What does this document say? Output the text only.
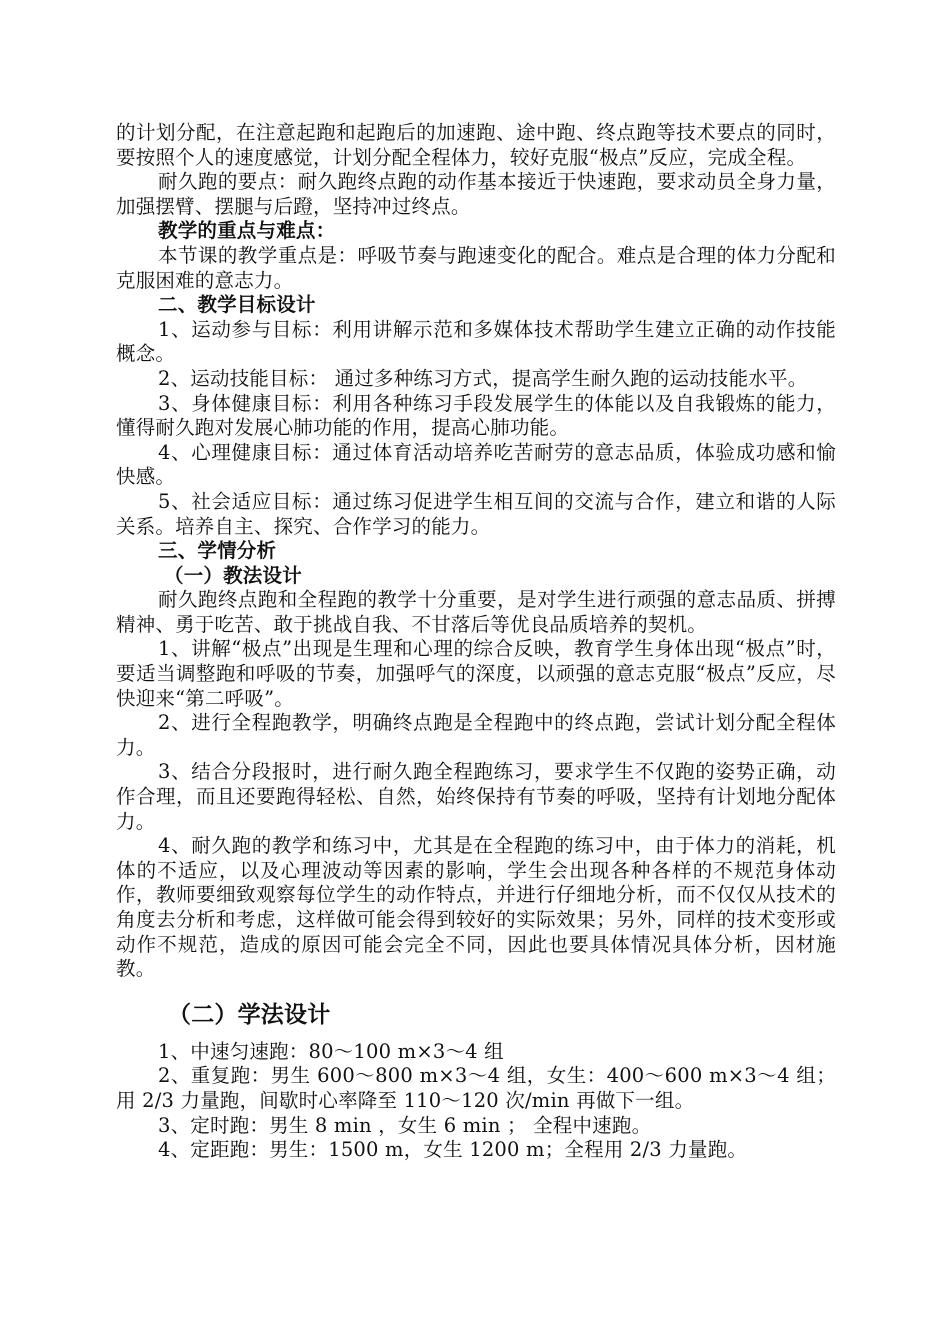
的计划分配，在注意起跑和起跑后的加速跑、途中跑、终点跑等技术要点的同时，要按照个人的速度感觉，计划分配全程体力，较好克服“极点”反应，完成全程。

耐久跑的要点：耐久跑终点跑的动作基本接近于快速跑，要求动员全身力量，加强摆臂、摆腿与后蹬，坚持冲过终点。

教学的重点与难点：

本节课的教学重点是：呼吸节奏与跑速变化的配合。难点是合理的体力分配和克服困难的意志力。

二、教学目标设计

1、运动参与目标：利用讲解示范和多媒体技术帮助学生建立正确的动作技能概念。

2、运动技能目标： 通过多种练习方式，提高学生耐久跑的运动技能水平。

3、身体健康目标：利用各种练习手段发展学生的体能以及自我锻炼的能力，懂得耐久跑对发展心肺功能的作用，提高心肺功能。

4、心理健康目标：通过体育活动培养吃苦耐劳的意志品质，体验成功感和愉快感。

5、社会适应目标：通过练习促进学生相互间的交流与合作，建立和谐的人际关系。培养自主、探究、合作学习的能力。

三、学情分析

（一）教法设计

耐久跑终点跑和全程跑的教学十分重要，是对学生进行顽强的意志品质、拼搏精神、勇于吃苦、敢于挑战自我、不甘落后等优良品质培养的契机。

1、讲解“极点”出现是生理和心理的综合反映，教育学生身体出现“极点”时，要适当调整跑和呼吸的节奏，加强呼气的深度，以顽强的意志克服“极点”反应，尽快迎来“第二呼吸”。

2、进行全程跑教学，明确终点跑是全程跑中的终点跑，尝试计划分配全程体力。

3、结合分段报时，进行耐久跑全程跑练习，要求学生不仅跑的姿势正确，动作合理，而且还要跑得轻松、自然，始终保持有节奏的呼吸，坚持有计划地分配体力。

4、耐久跑的教学和练习中，尤其是在全程跑的练习中，由于体力的消耗，机体的不适应，以及心理波动等因素的影响，学生会出现各种各样的不规范身体动作，教师要细致观察每位学生的动作特点，并进行仔细地分析，而不仅仅从技术的角度去分析和考虑，这样做可能会得到较好的实际效果；另外，同样的技术变形或动作不规范，造成的原因可能会完全不同，因此也要具体情况具体分析，因材施教。

（二）学法设计

1、中速匀速跑：80～100 m×3～4 组

2、重复跑：男生 600～800 m×3～4 组，女生：400～600 m×3～4 组；用 2/3 力量跑，间歇时心率降至 110～120 次/min 再做下一组。

3、定时跑：男生 8 min ，女生 6 min ； 全程中速跑。

4、定距跑：男生：1500 m，女生 1200 m；全程用 2/3 力量跑。
